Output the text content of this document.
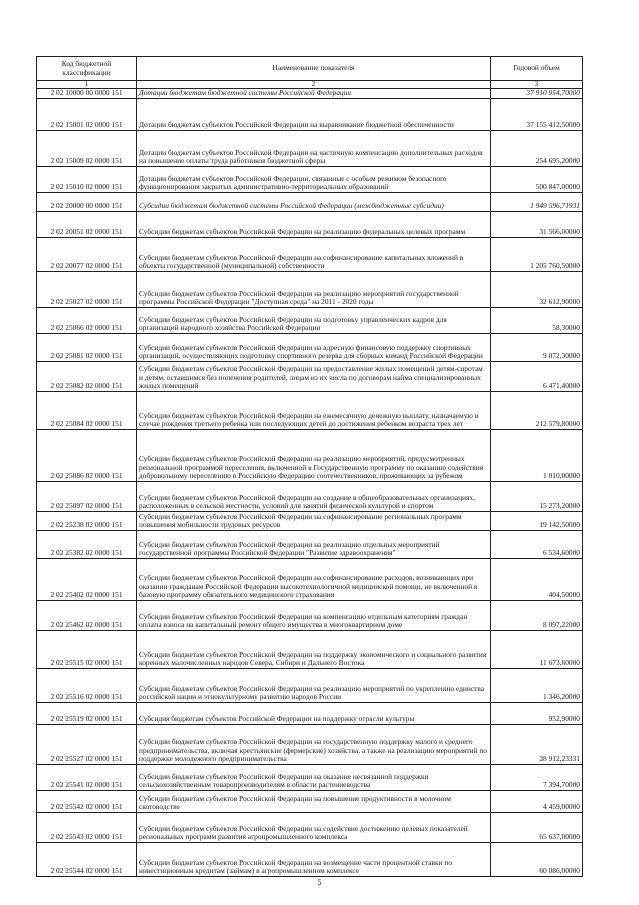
Код бюджетной классификации	Наименование показателя	Годовой объем
1	2	3
2 02 10000 00 0000 151	Дотации бюджетам бюджетной системы Российской Федерации	37 910 954,70000
2 02 15001 02 0000 151	Дотации бюджетам субъектов Российской Федерации на выравнивание бюджетной обеспеченности	37 155 412,50000
2 02 15009 02 0000 151	Дотации бюджетам субъектов Российской Федерации на частичную компенсацию дополнительных расходов на повышение оплаты труда работников бюджетной сферы	254 695,20000
2 02 15010 02 0000 151	Дотации бюджетам субъектов Российской Федерации, связанные с особым режимом безопасного функционирования закрытых административно-территориальных образований	500 847,00000
2 02 20000 00 0000 151	Субсидии бюджетам бюджетной системы Российской Федерации (межбюджетные субсидии)	1 949 596,71931
2 02 20051 02 0000 151	Субсидии бюджетам субъектов Российской Федерации на реализацию федеральных целевых программ	31 566,00000
2 02 20077 02 0000 151	Субсидии бюджетам субъектов Российской Федерации на софинансирование капитальных вложений в объекты государственной (муниципальной) собственности	1 205 760,50000
2 02 25027 02 0000 151	Субсидии бюджетам субъектов Российской Федерации на реализацию мероприятий государственной программы Российской Федерации "Доступная среда" на 2011 - 2020 годы	32 612,90000
2 02 25066 02 0000 151	Субсидии бюджетам субъектов Российской Федерации на подготовку управленческих кадров для организаций народного хозяйства Российской Федерации	58,30000
2 02 25081 02 0000 151	Субсидии бюджетам субъектов Российской Федерации на адресную финансовую поддержку спортивных организаций, осуществляющих подготовку спортивного резерва для сборных команд Российской Федерации	9 072,30000
2 02 25082 02 0000 151	Субсидии бюджетам субъектов Российской Федерации на предоставление жилых помещений детям-сиротам и детям, оставшимся без попечения родителей, лицам из их числа по договорам найма специализированных жилых помещений	6 471,40000
2 02 25084 02 0000 151	Субсидии бюджетам субъектов Российской Федерации на ежемесячную денежную выплату, назначаемую в случае рождения третьего ребенка или последующих детей до достижения ребенком возраста трех лет	212 579,80000
2 02 25086 02 0000 151	Субсидии бюджетам субъектов Российской Федерации на реализацию мероприятий, предусмотренных региональной программой переселения, включенной в Государственную программу по оказанию содействия добровольному переселению в Российскую Федерацию соотечественников, проживающих за рубежом	1 010,00000
2 02 25097 02 0000 151	Субсидии бюджетам субъектов Российской Федерации на создание в общеобразовательных организациях, расположенных в сельской местности, условий для занятий физической культурой и спортом	15 273,20000
2 02 25238 02 0000 151	Субсидии бюджетам субъектов Российской Федерации на софинансирование региональных программ повышения мобильности трудовых ресурсов	19 142,50000
2 02 25382 02 0000 151	Субсидии бюджетам субъектов Российской Федерации на реализацию отдельных мероприятий государственной программы Российской Федерации "Развитие здравоохранения"	6 534,60000
2 02 25402 02 0000 151	Субсидии бюджетам субъектов Российской Федерации на софинансирование расходов, возникающих при оказании гражданам Российской Федерации высокотехнологичной медицинской помощи, не включенной в базовую программу обязательного медицинского страхования	404,50000
2 02 25462 02 0000 151	Субсидии бюджетам субъектов Российской Федерации на компенсацию отдельным категориям граждан оплаты взноса на капитальный ремонт общего имущества в многоквартирном доме	8 097,22000
2 02 25515 02 0000 151	Субсидии бюджетам субъектов Российской Федерации на поддержку экономического и социального развития коренных малочисленных народов Севера, Сибири и Дальнего Востока	11 673,60000
2 02 25516 02 0000 151	Субсидии бюджетам субъектов Российской Федерации на реализацию мероприятий по укреплению единства российской нации и этнокультурному развитию народов России	1 346,20000
2 02 25519 02 0000 151	Субсидия бюджетам субъектов Российской Федерации на поддержку отрасли культуры	952,90000
2 02 25527 02 0000 151	Субсидии бюджетам субъектов Российской Федерации на государственную поддержку малого и среднего предпринимательства, включая крестьянские (фермерские) хозяйства, а также на реализацию мероприятий по поддержке молодежного предпринимательства	28 912,23331
2 02 25541 02 0000 151	Субсидии бюджетам субъектов Российской Федерации на оказание несвязанной поддержки сельскохозяйственным товаропроизводителям в области растениеводства	7 394,70000
2 02 25542 02 0000 151	Субсидии бюджетам субъектов Российской Федерации на повышение продуктивности в молочном скотоводстве	4 459,00000
2 02 25543 02 0000 151	Субсидии бюджетам субъектов Российской Федерации на содействие достижению целевых показателей региональных программ развития агропромышленного комплекса	65 637,00000
2 02 25544 02 0000 151	Субсидии бюджетам субъектов Российской Федерации на возмещение части процентной ставки по инвестиционным кредитам (займам) в агропромышленном комплексе	60 086,00000
5
